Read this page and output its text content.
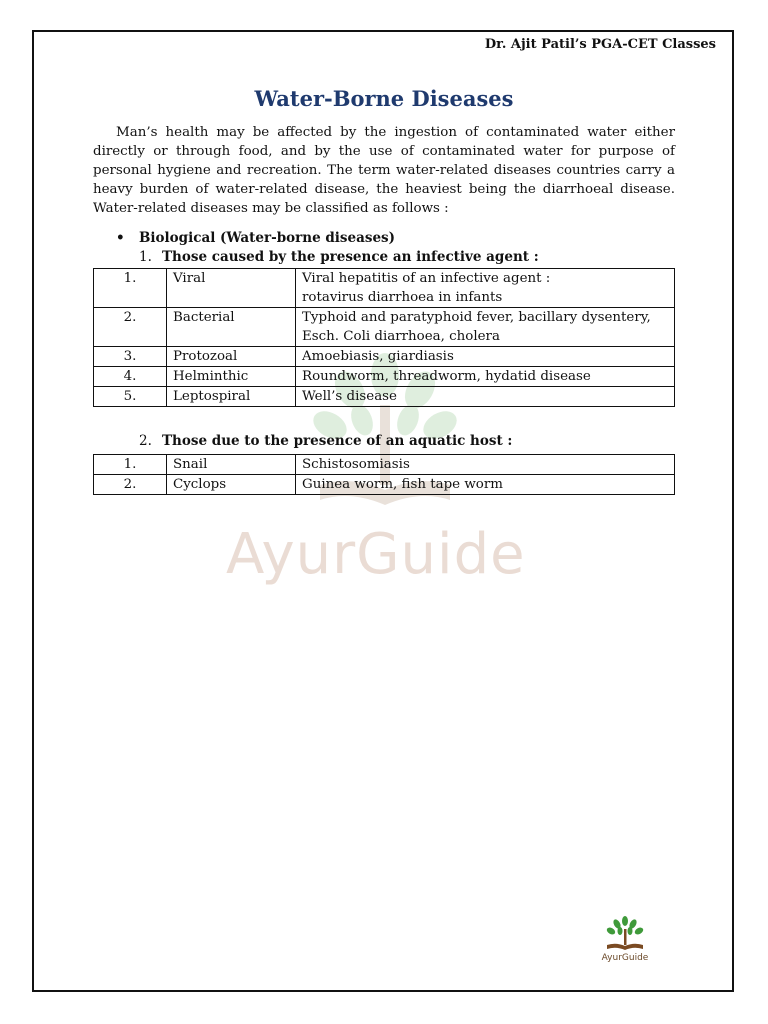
AyurGuide
Dr. Ajit Patil’s PGA-CET Classes
Water-Borne Diseases

Man’s health may be affected by the ingestion of contaminated water either directly or through food, and by the use of contaminated water for purpose of personal hygiene and recreation. The term water-related diseases countries carry a heavy burden of water-related disease, the heaviest being the diarrhoeal disease. Water-related diseases may be classified as follows :

• Biological (Water-borne diseases)
1. Those caused by the presence an infective agent :
1.	Viral	Viral hepatitis of an infective agent :
rotavirus diarrhoea in infants
2.	Bacterial	Typhoid and paratyphoid fever, bacillary dysentery,
Esch. Coli diarrhoea, cholera
3.	Protozoal	Amoebiasis, giardiasis
4.	Helminthic	Roundworm, threadworm, hydatid disease
5.	Leptospiral	Well’s disease
2. Those due to the presence of an aquatic host :
1.	Snail	Schistosomiasis
2.	Cyclops	Guinea worm, fish tape worm
AyurGuide
